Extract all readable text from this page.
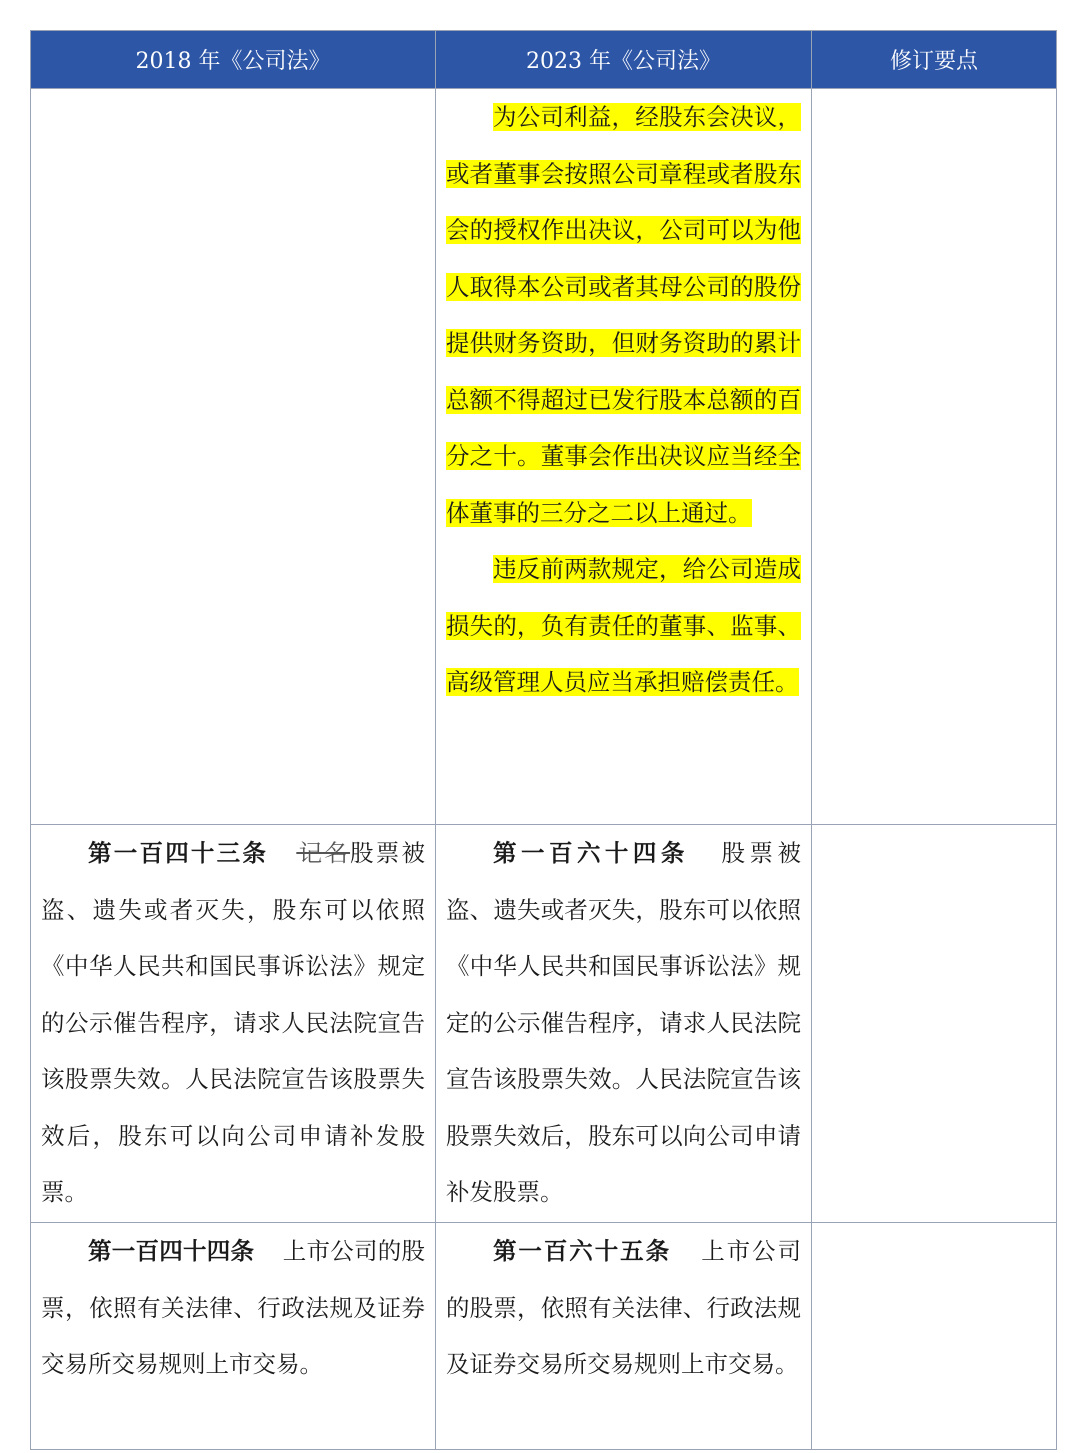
2018 年《公司法》	2023 年《公司法》	修订要点

	为公司利益，经股东会决议，或者董事会按照公司章程或者股东会的授权作出决议，公司可以为他人取得本公司或者其母公司的股份提供财务资助，但财务资助的累计总额不得超过已发行股本总额的百分之十。董事会作出决议应当经全体董事的三分之二以上通过。

违反前两款规定，给公司造成损失的，负有责任的董事、监事、高级管理人员应当承担赔偿责任。	

第一百四十三条 记名股票被盗、遗失或者灭失，股东可以依照《中华人民共和国民事诉讼法》规定的公示催告程序，请求人民法院宣告该股票失效。人民法院宣告该股票失效后，股东可以向公司申请补发股票。	第一百六十四条 股票被盗、遗失或者灭失，股东可以依照《中华人民共和国民事诉讼法》规定的公示催告程序，请求人民法院宣告该股票失效。人民法院宣告该股票失效后，股东可以向公司申请补发股票。	

第一百四十四条 上市公司的股票，依照有关法律、行政法规及证券交易所交易规则上市交易。	第一百六十五条 上市公司的股票，依照有关法律、行政法规及证券交易所交易规则上市交易。	
